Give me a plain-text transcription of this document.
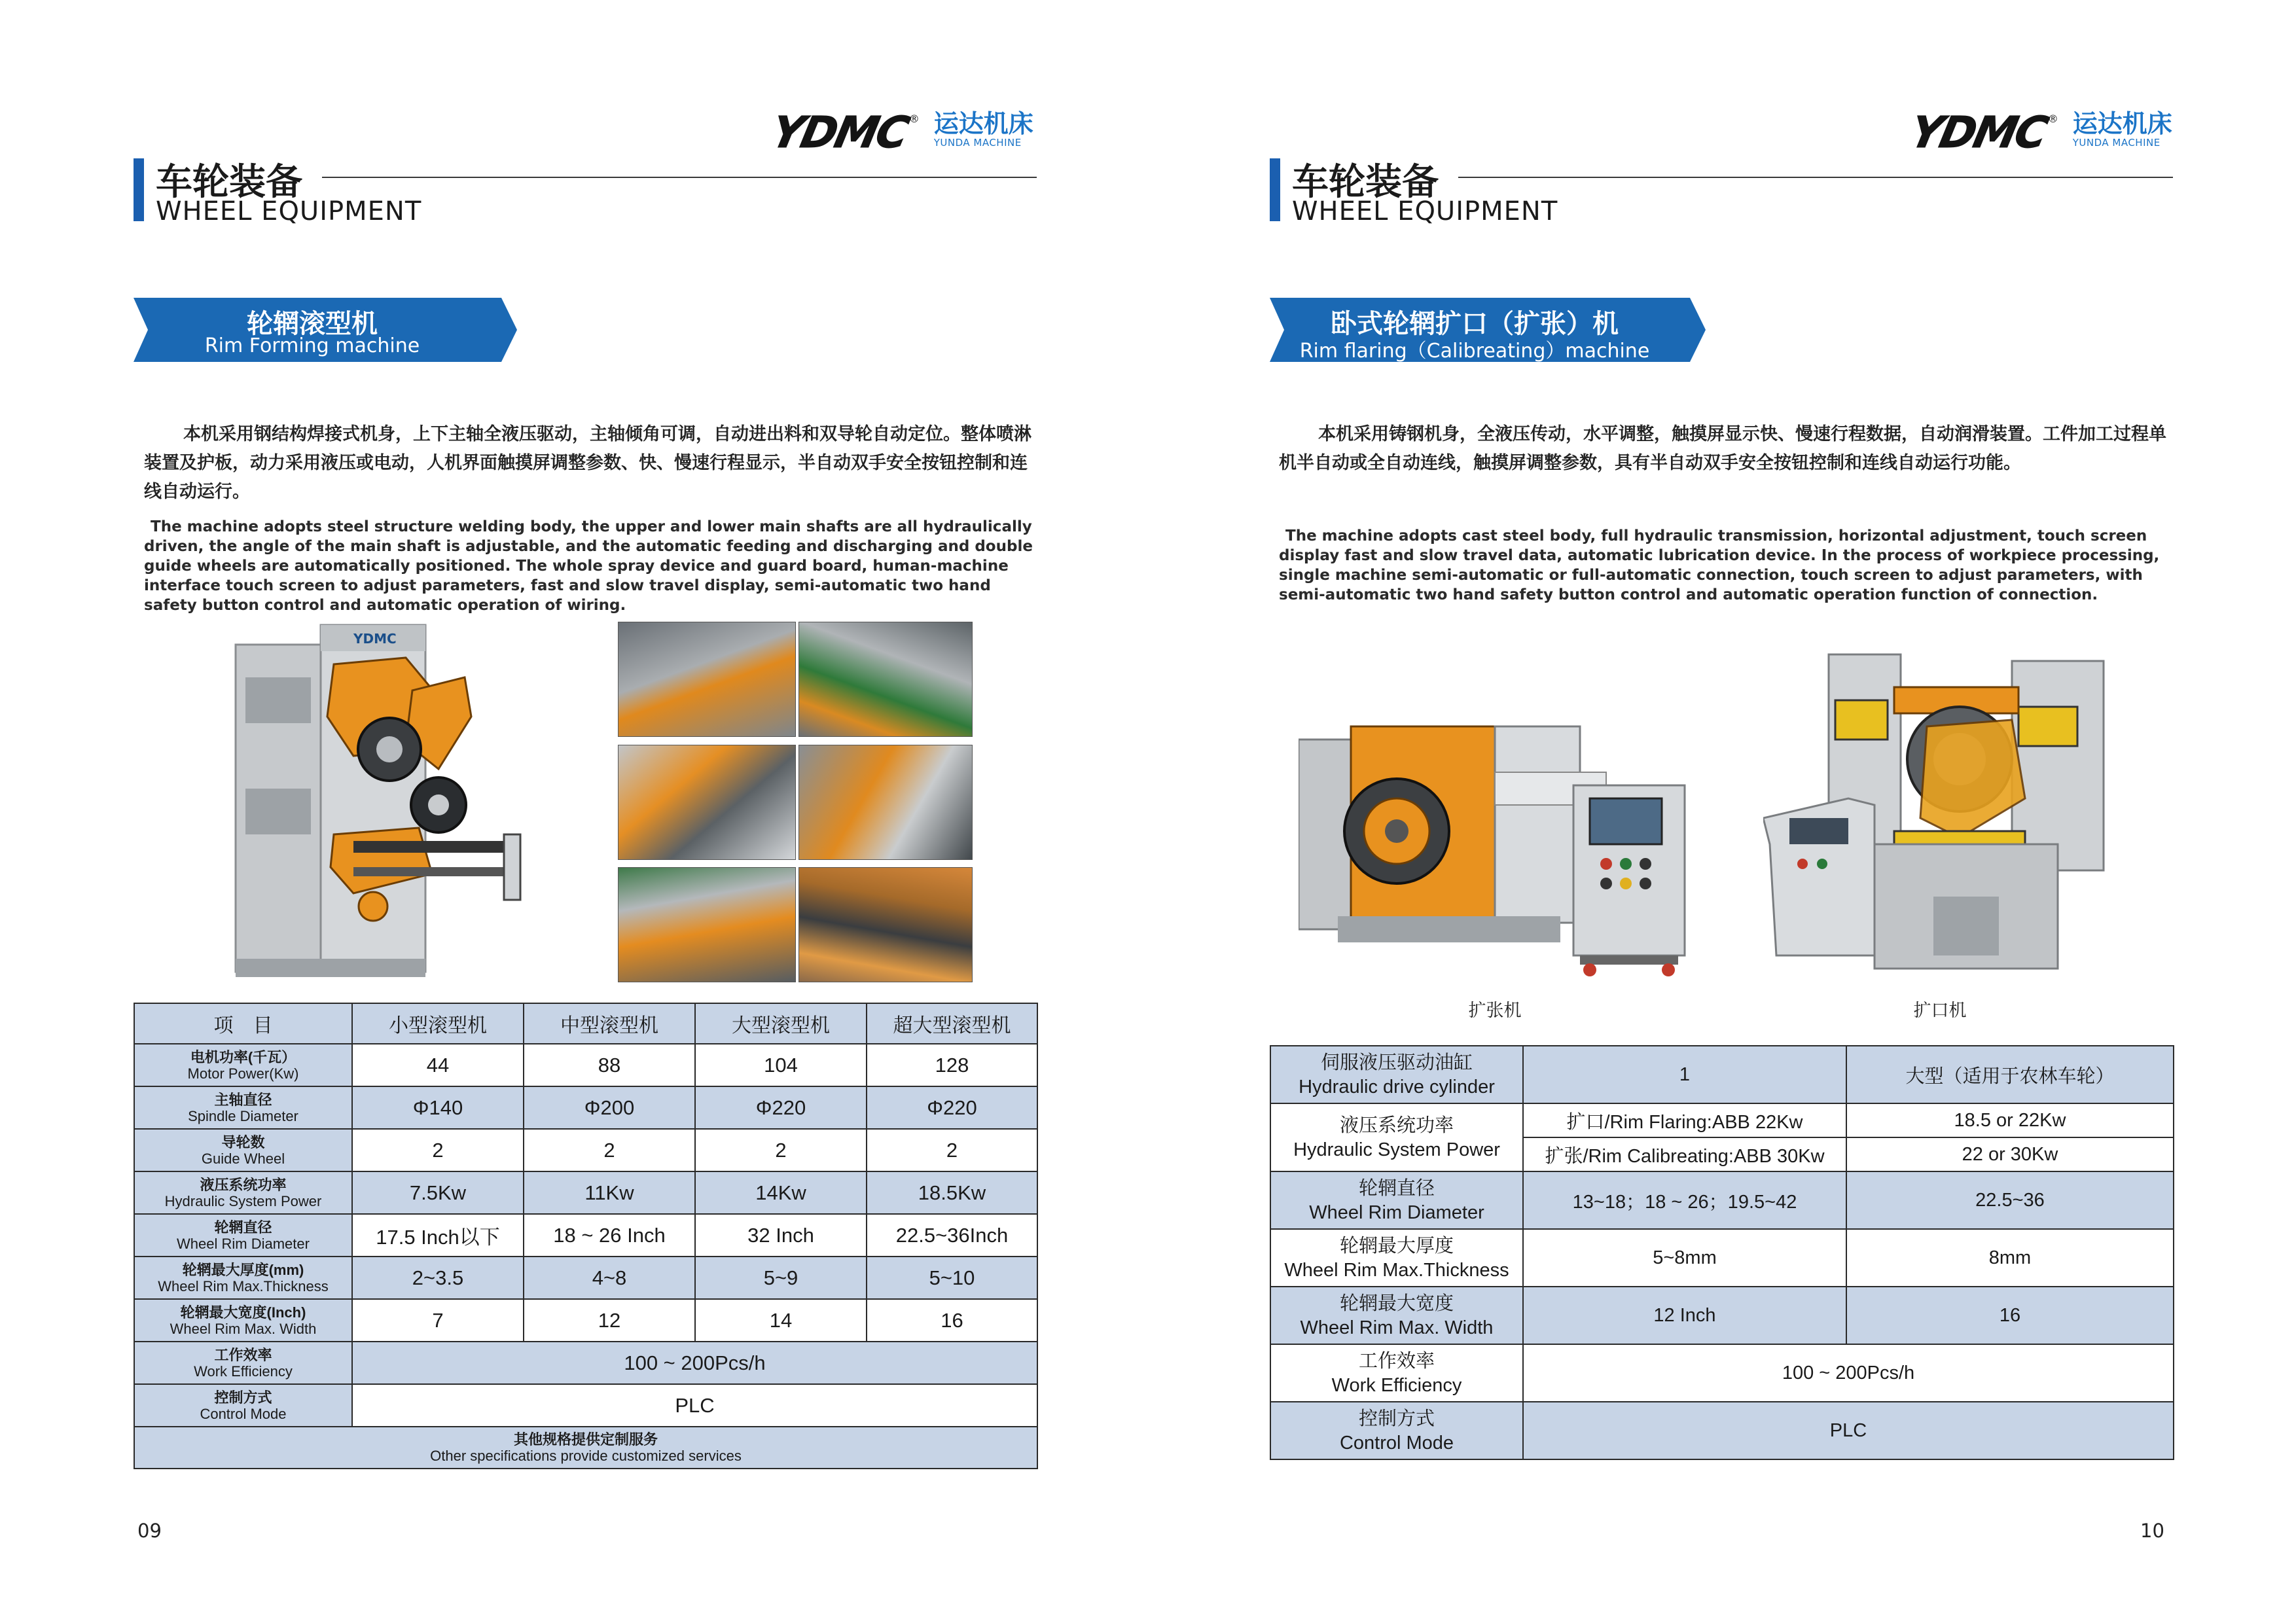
YDMC
® 运达机床
YUNDA MACHINE
车轮装备
WHEEL EQUIPMENT
轮辋滚型机
Rim Forming machine
本机采用钢结构焊接式机身，上下主轴全液压驱动，主轴倾角可调，自动进出料和双导轮自动定位。整体喷淋装置及护板，动力采用液压或电动，人机界面触摸屏调整参数、快、慢速行程显示，半自动双手安全按钮控制和连线自动运行。
The machine adopts steel structure welding body, the upper and lower main shafts are all hydraulically driven, the angle of the main shaft is adjustable, and the automatic feeding and discharging and double guide wheels are automatically positioned. The whole spray device and guard board, human-machine interface touch screen to adjust parameters, fast and slow travel display, semi-automatic two hand safety button control and automatic operation of wiring.
YDMC
项　目	小型滚型机	中型滚型机	大型滚型机	超大型滚型机

电机功率(千瓦）
Motor Power(Kw)	44	88	104	128

主轴直径
Spindle Diameter	Φ140	Φ200	Φ220	Φ220

导轮数
Guide Wheel	2	2	2	2

液压系统功率
Hydraulic System Power	7.5Kw	11Kw	14Kw	18.5Kw

轮辋直径
Wheel Rim Diameter	17.5 Inch以下	18 ~ 26 Inch	32 Inch	22.5~36Inch

轮辋最大厚度(mm)
Wheel Rim Max.Thickness	2~3.5	4~8	5~9	5~10

轮辋最大宽度(Inch)
Wheel Rim Max. Width	7	12	14	16

工作效率
Work Efficiency	100 ~ 200Pcs/h			

控制方式
Control Mode	PLC			

其他规格提供定制服务
Other specifications provide customized services				
09
YDMC
® 运达机床
YUNDA MACHINE
车轮装备
WHEEL EQUIPMENT
卧式轮辋扩口（扩张）机
Rim flaring（Calibreating）machine
本机采用铸钢机身，全液压传动，水平调整，触摸屏显示快、慢速行程数据，自动润滑装置。工件加工过程单机半自动或全自动连线，触摸屏调整参数，具有半自动双手安全按钮控制和连线自动运行功能。
The machine adopts cast steel body, full hydraulic transmission, horizontal adjustment, touch screen display fast and slow travel data, automatic lubrication device. In the process of workpiece processing, single machine semi-automatic or full-automatic connection, touch screen to adjust parameters, with semi-automatic two hand safety button control and automatic operation function of connection.
扩张机	扩口机
伺服液压驱动油缸
Hydraulic drive cylinder	1	大型（适用于农林车轮）

液压系统功率
Hydraulic System Power	扩口/Rim Flaring:ABB 22Kw	18.5 or 22Kw
	扩张/Rim Calibreating:ABB 30Kw	22 or 30Kw

轮辋直径
Wheel Rim Diameter	13~18；18 ~ 26；19.5~42	22.5~36

轮辋最大厚度
Wheel Rim Max.Thickness	5~8mm	8mm

轮辋最大宽度
Wheel Rim Max. Width	12 Inch	16

工作效率
Work Efficiency	100 ~ 200Pcs/h	

控制方式
Control Mode	PLC	
10
